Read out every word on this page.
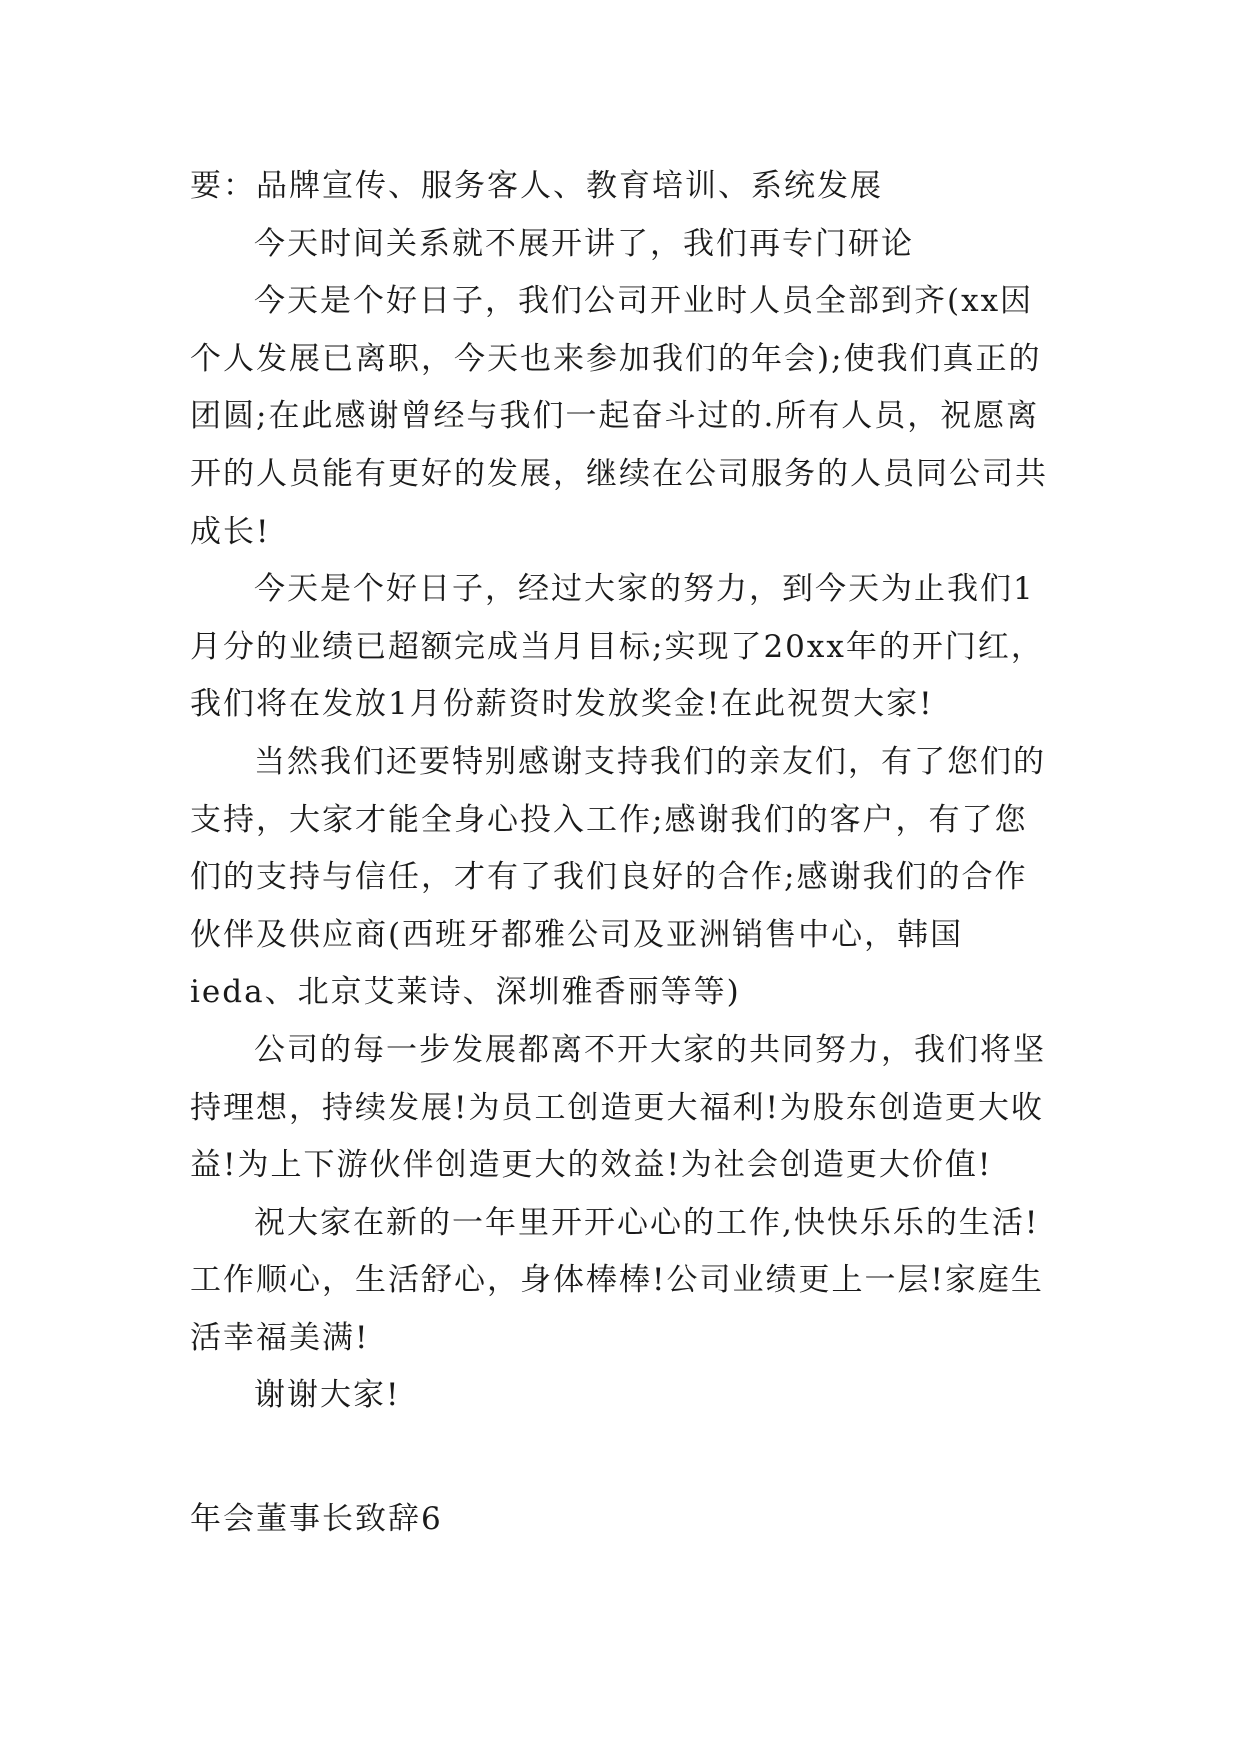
要：品牌宣传、服务客人、教育培训、系统发展

今天时间关系就不展开讲了，我们再专门研论

今天是个好日子，我们公司开业时人员全部到齐(xx因个人发展已离职，今天也来参加我们的年会);使我们真正的团圆;在此感谢曾经与我们一起奋斗过的.所有人员，祝愿离开的人员能有更好的发展，继续在公司服务的人员同公司共成长!

今天是个好日子，经过大家的努力，到今天为止我们1月分的业绩已超额完成当月目标;实现了20xx年的开门红，我们将在发放1月份薪资时发放奖金!在此祝贺大家!

当然我们还要特别感谢支持我们的亲友们，有了您们的支持，大家才能全身心投入工作;感谢我们的客户，有了您们的支持与信任，才有了我们良好的合作;感谢我们的合作伙伴及供应商(西班牙都雅公司及亚洲销售中心，韩国ieda、北京艾莱诗、深圳雅香丽等等)

公司的每一步发展都离不开大家的共同努力，我们将坚持理想，持续发展!为员工创造更大福利!为股东创造更大收益!为上下游伙伴创造更大的效益!为社会创造更大价值!

祝大家在新的一年里开开心心的工作,快快乐乐的生活!工作顺心，生活舒心，身体棒棒!公司业绩更上一层!家庭生活幸福美满!

谢谢大家!

年会董事长致辞6
